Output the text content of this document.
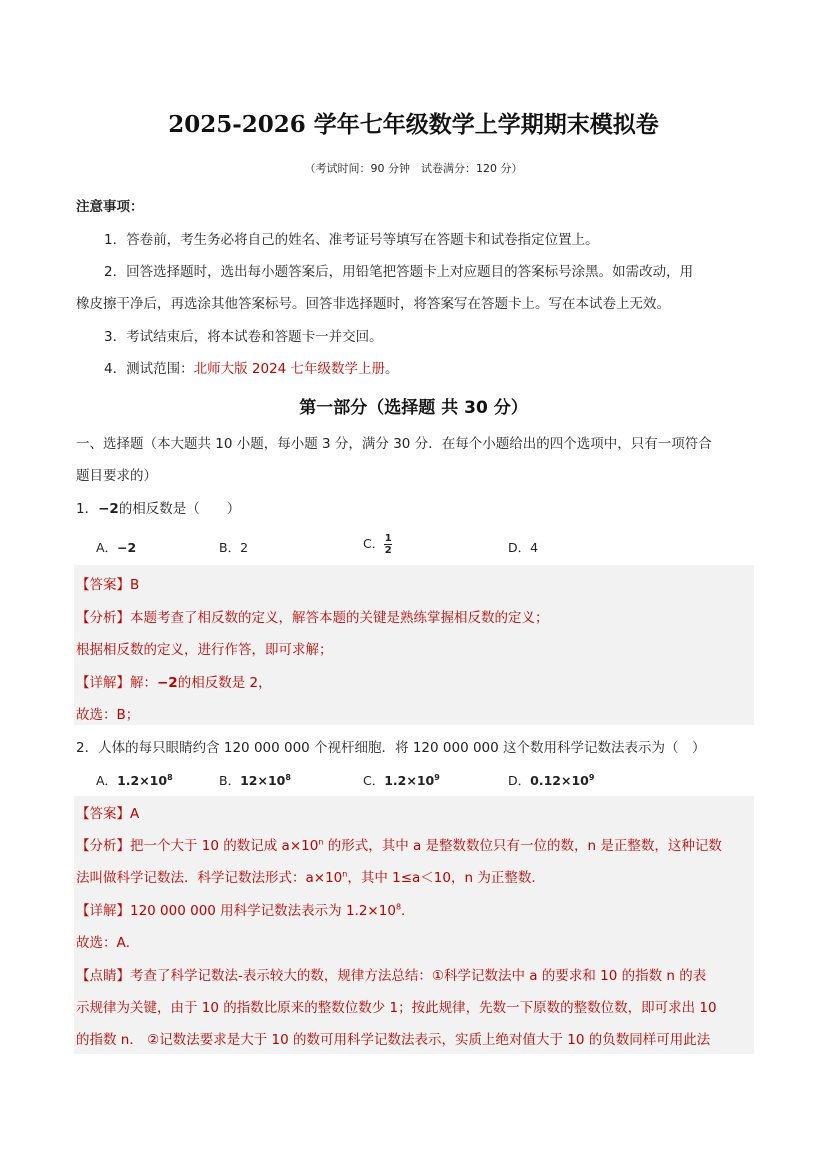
2025-2026 学年七年级数学上学期期末模拟卷
（考试时间：90 分钟　试卷满分：120 分）
注意事项：
1．答卷前，考生务必将自己的姓名、准考证号等填写在答题卡和试卷指定位置上。
2．回答选择题时，选出每小题答案后，用铅笔把答题卡上对应题目的答案标号涂黑。如需改动，用
橡皮擦干净后，再选涂其他答案标号。回答非选择题时，将答案写在答题卡上。写在本试卷上无效。
3．考试结束后，将本试卷和答题卡一并交回。
4．测试范围：北师大版 2024 七年级数学上册。
第一部分（选择题 共 30 分）
一、选择题（本大题共 10 小题，每小题 3 分，满分 30 分．在每个小题给出的四个选项中，只有一项符合
题目要求的）
1．−2的相反数是（　　）
A．−2	B．2	C． $\frac{1}{2}$	D．4
【答案】B
【分析】本题考查了相反数的定义，解答本题的关键是熟练掌握相反数的定义；
根据相反数的定义，进行作答，即可求解；
【详解】解：−2的相反数是 2，
故选：B；
2．人体的每只眼睛约含 120 000 000 个视杆细胞．将 120 000 000 这个数用科学记数法表示为（　）
A．$1.2\times 10^8$	B．$12\times 10^8$	C．$1.2\times 10^9$	D．$0.12\times 10^9$
【答案】A
【分析】把一个大于 10 的数记成 $a\times 10^n$ 的形式，其中 a 是整数数位只有一位的数，n 是正整数，这种记数
法叫做科学记数法．科学记数法形式：$a\times 10^n$，其中 1≤a＜10，n 为正整数．
【详解】120 000 000 用科学记数法表示为 $1.2\times 10^8$．
故选：A．
【点睛】考查了科学记数法-表示较大的数，规律方法总结：①科学记数法中 a 的要求和 10 的指数 n 的表
示规律为关键，由于 10 的指数比原来的整数位数少 1；按此规律，先数一下原数的整数位数，即可求出 10
的指数 n． ②记数法要求是大于 10 的数可用科学记数法表示，实质上绝对值大于 10 的负数同样可用此法
